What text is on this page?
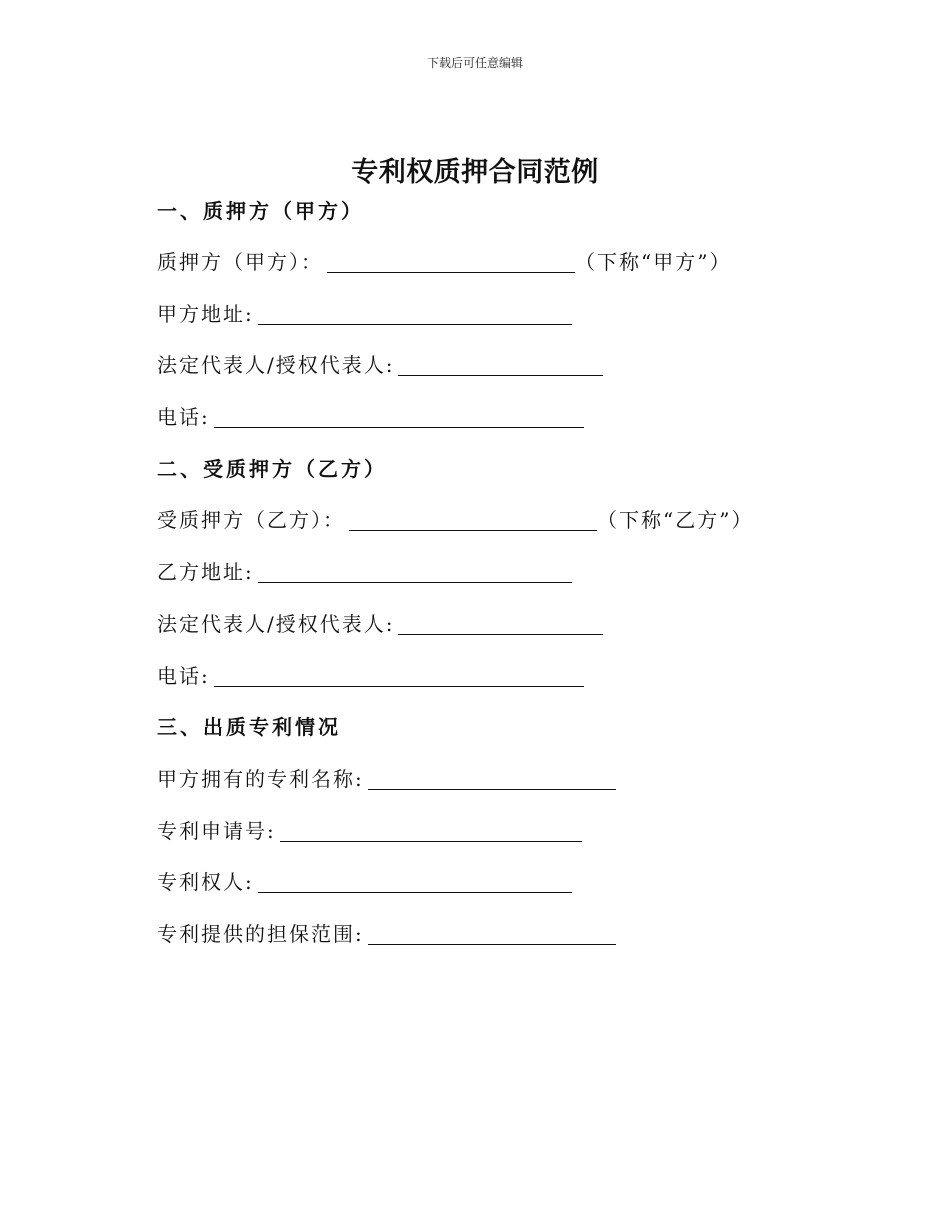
下载后可任意编辑
专利权质押合同范例
一、质押方（甲方）
质押方（甲方）：	（下称“甲方”）
甲方地址:
法定代表人/授权代表人:
电话:
二、受质押方（乙方）
受质押方（乙方）：	（下称“乙方”）
乙方地址:
法定代表人/授权代表人:
电话:
三、出质专利情况
甲方拥有的专利名称:
专利申请号:
专利权人:
专利提供的担保范围:
